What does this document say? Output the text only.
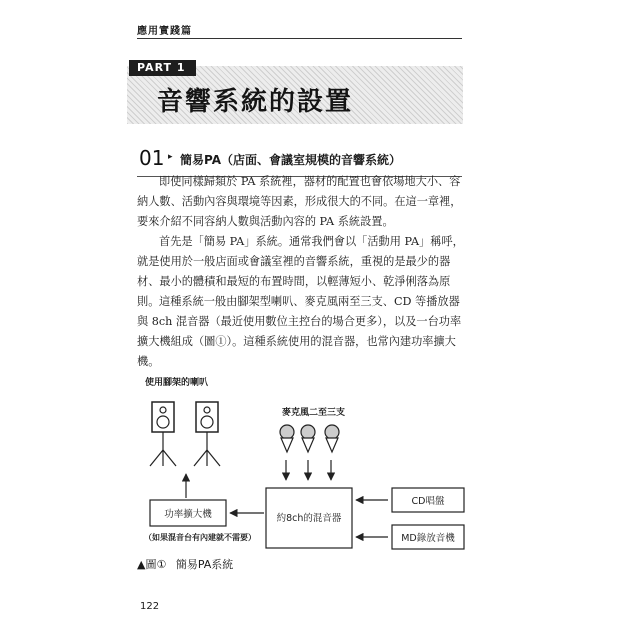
應用實踐篇
PART 1
音響系統的設置
01 ▸ 簡易PA（店面、會議室規模的音響系統）

即使同樣歸類於 PA 系統裡，器材的配置也會依場地大小、容納人數、活動內容與環境等因素，形成很大的不同。在這一章裡，要來介紹不同容納人數與活動內容的 PA 系統設置。

首先是「簡易 PA」系統。通常我們會以「活動用 PA」稱呼，就是使用於一般店面或會議室裡的音響系統，重視的是最少的器材、最小的體積和最短的布置時間，以輕薄短小、乾淨俐落為原則。 這種系統一般由腳架型喇叭、麥克風兩至三支、CD 等播放器與 8ch 混音器（最近使用數位主控台的場合更多），以及一台功率擴大機組成（圖①）。這種系統使用的混音器，也常內建功率擴大機。

使用腳架的喇叭
功率擴大機
（如果混音台有內建就不需要）
麥克風二至三支
約8ch的混音器
CD唱盤
MD錄放音機
▲圖① 簡易PA系統
122
